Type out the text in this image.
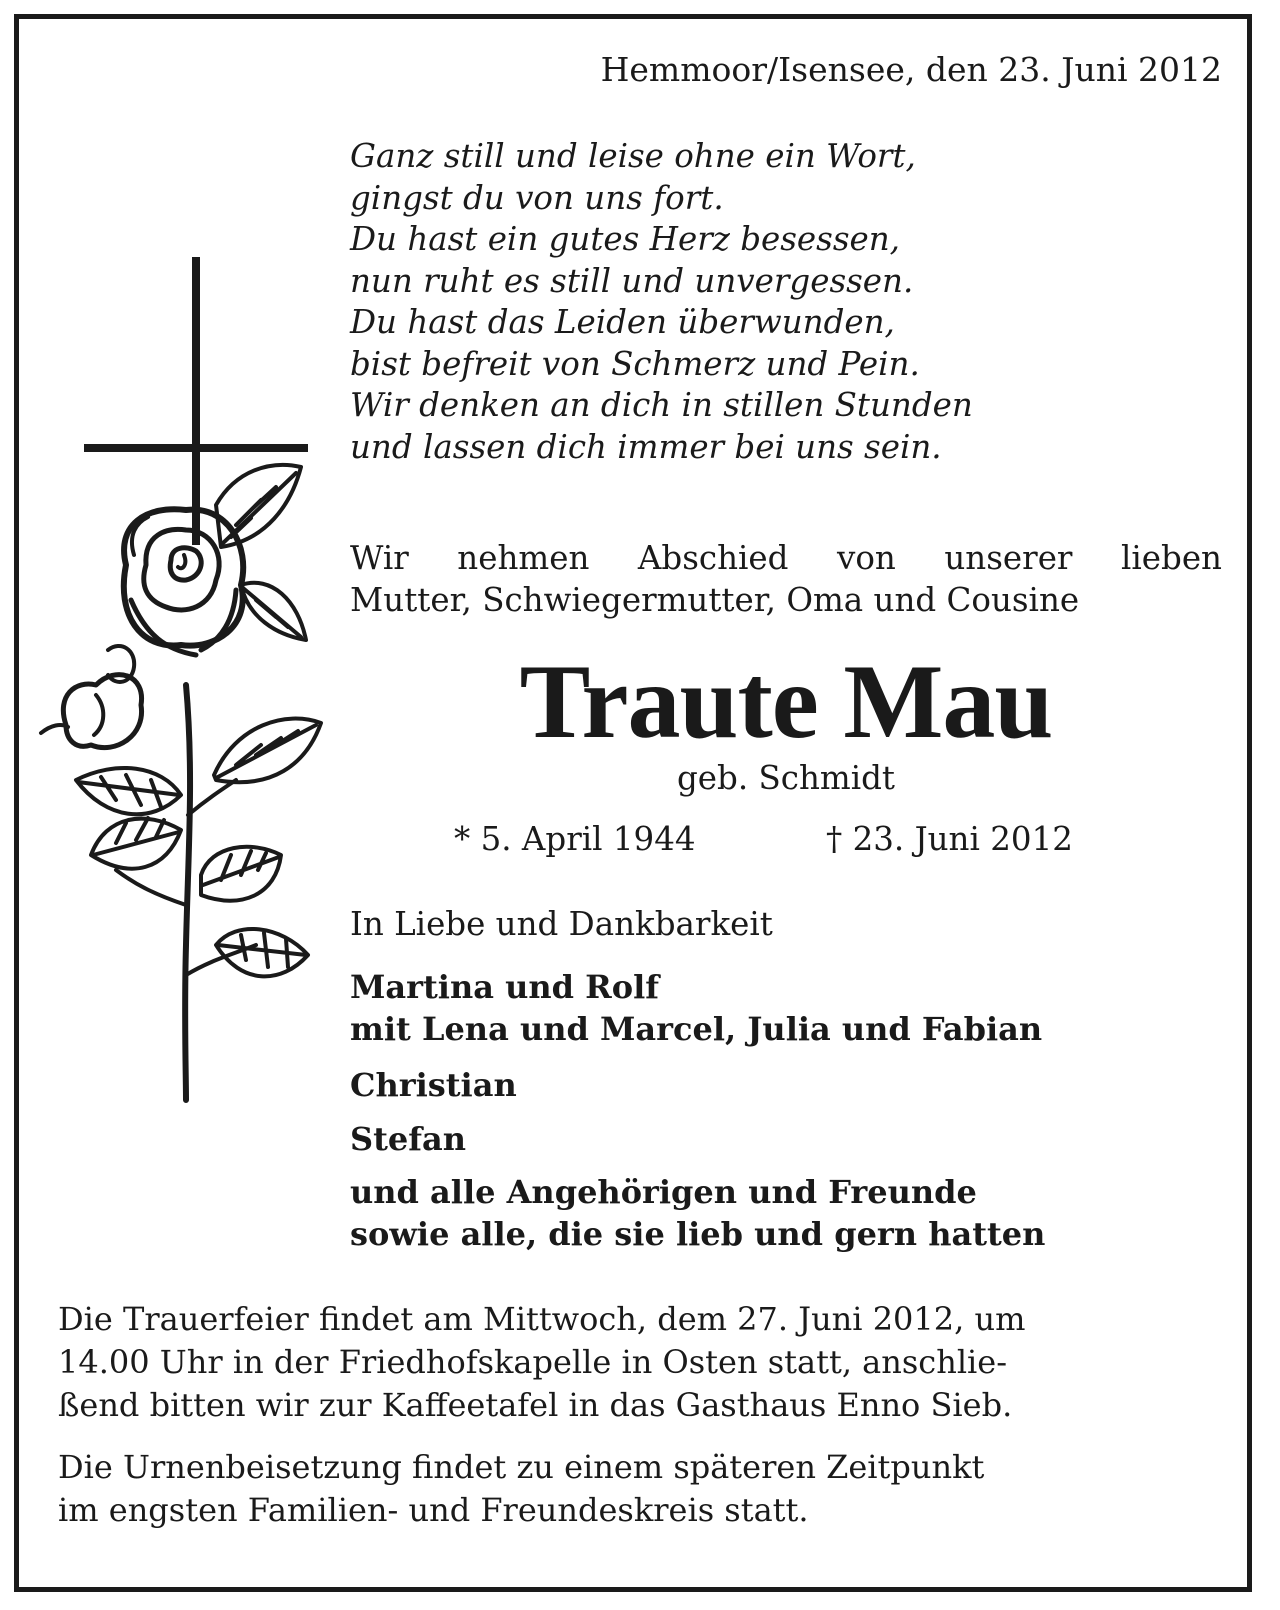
Hemmoor/Isensee, den 23. Juni 2012

Ganz still und leise ohne ein Wort,
gingst du von uns fort.
Du hast ein gutes Herz besessen,
nun ruht es still und unvergessen.
Du hast das Leiden überwunden,
bist befreit von Schmerz und Pein.
Wir denken an dich in stillen Stunden
und lassen dich immer bei uns sein.
Wir nehmen Abschied von unserer lieben
Mutter, Schwiegermutter, Oma und Cousine

Traute Mau

geb. Schmidt

* 5. April 1944	† 23. Juni 2012

In Liebe und Dankbarkeit

Martina und Rolf
mit Lena und Marcel, Julia und Fabian
Christian
Stefan
und alle Angehörigen und Freunde
sowie alle, die sie lieb und gern hatten
Die Trauerfeier findet am Mittwoch, dem 27. Juni 2012, um
14.00 Uhr in der Friedhofskapelle in Osten statt, anschlie-
ßend bitten wir zur Kaffeetafel in das Gasthaus Enno Sieb.
Die Urnenbeisetzung findet zu einem späteren Zeitpunkt
im engsten Familien- und Freundeskreis statt.
